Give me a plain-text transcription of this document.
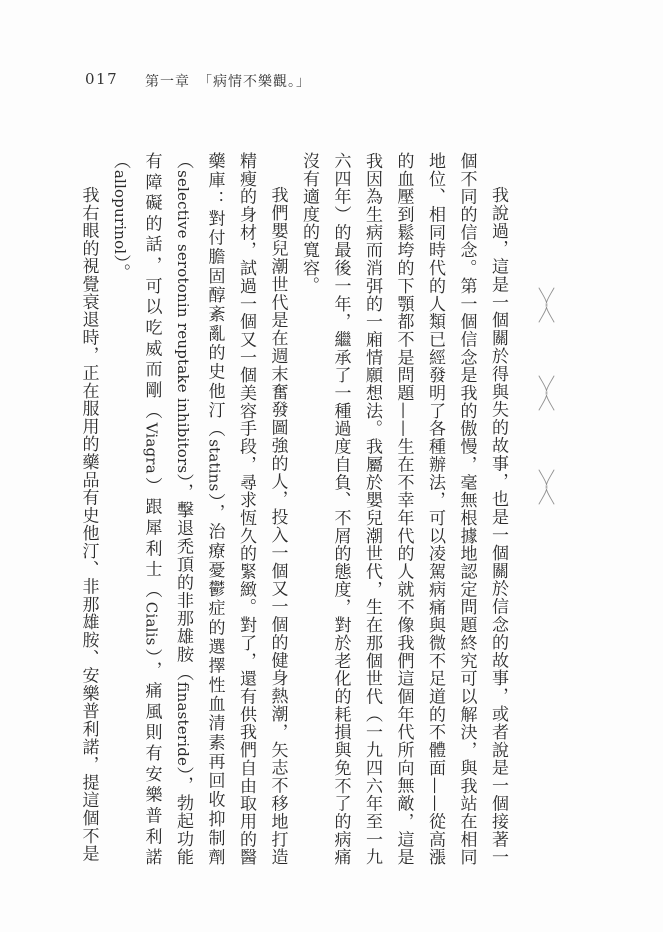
017 第一章　「病情不樂觀。」

我說過，這是一個關於得與失的故事，也是一個關於信念的故事，或者說是一個接著一個不同的信念。第一個信念是我的傲慢，毫無根據地認定問題終究可以解決，與我站在相同地位、相同時代的人類已經發明了各種辦法，可以凌駕病痛與微不足道的不體面——從高漲的血壓到鬆垮的下顎都不是問題——生在不幸年代的人就不像我們這個年代所向無敵，這是我因為生病而消弭的一廂情願想法。我屬於嬰兒潮世代，生在那個世代（一九四六年至一九六四年）的最後一年，繼承了一種過度自負、不屑的態度，對於老化的耗損與免不了的病痛沒有適度的寬容。

我們嬰兒潮世代是在週末奮發圖強的人，投入一個又一個的健身熱潮，矢志不移地打造精瘦的身材，試過一個又一個美容手段，尋求恆久的緊緻。對了，還有供我們自由取用的醫藥庫：對付膽固醇紊亂的史他汀（statins），治療憂鬱症的選擇性血清素再回收抑制劑（selective serotonin reuptake inhibitors），擊退禿頂的非那雄胺（finasteride），勃起功能有障礙的話，可以吃威而剛（Viagra）跟犀利士（Cialis），痛風則有安樂普利諾（allopurinol）。

我右眼的視覺衰退時，正在服用的藥品有史他汀、非那雄胺、安樂普利諾，提這個不是
